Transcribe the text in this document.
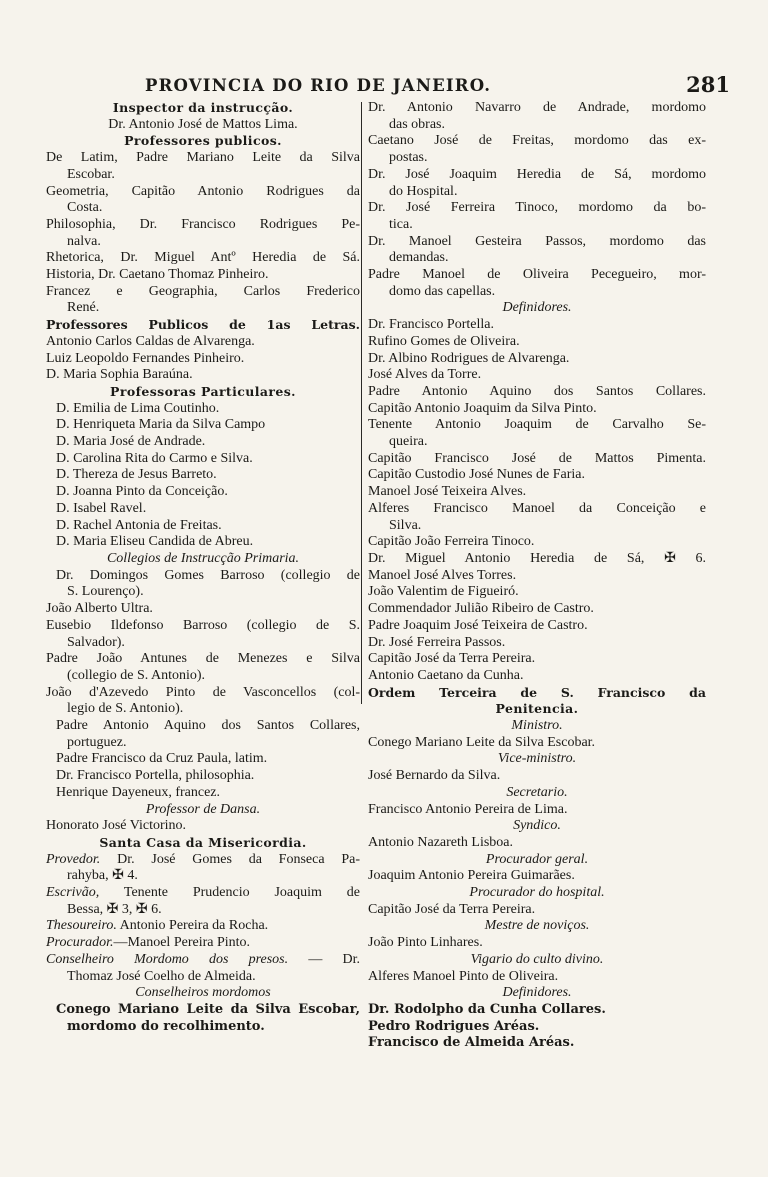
PROVINCIA DO RIO DE JANEIRO.	281

Inspector da instrucção.

Dr. Antonio José de Mattos Lima.

Professores publicos.

De Latim, Padre Mariano Leite da Silva

Escobar.

Geometria, Capitão Antonio Rodrigues da

Costa.

Philosophia, Dr. Francisco Rodrigues Pe-

nalva.

Rhetorica, Dr. Miguel Antº Heredia de Sá.

Historia, Dr. Caetano Thomaz Pinheiro.

Francez e Geographia, Carlos Frederico

René.

Professores Publicos de 1as Letras.

Antonio Carlos Caldas de Alvarenga.

Luiz Leopoldo Fernandes Pinheiro.

D. Maria Sophia Baraúna.

Professoras Particulares.

D. Emilia de Lima Coutinho.

D. Henriqueta Maria da Silva Campo

D. Maria José de Andrade.

D. Carolina Rita do Carmo e Silva.

D. Thereza de Jesus Barreto.

D. Joanna Pinto da Conceição.

D. Isabel Ravel.

D. Rachel Antonia de Freitas.

D. Maria Eliseu Candida de Abreu.

Collegios de Instrucção Primaria.

Dr. Domingos Gomes Barroso (collegio de

S. Lourenço).

João Alberto Ultra.

Eusebio Ildefonso Barroso (collegio de S.

Salvador).

Padre João Antunes de Menezes e Silva

(collegio de S. Antonio).

João d'Azevedo Pinto de Vasconcellos (col-

legio de S. Antonio).

Padre Antonio Aquino dos Santos Collares,

portuguez.

Padre Francisco da Cruz Paula, latim.

Dr. Francisco Portella, philosophia.

Henrique Dayeneux, francez.

Professor de Dansa.

Honorato José Victorino.

Santa Casa da Misericordia.

Provedor. Dr. José Gomes da Fonseca Pa-

rahyba, ✠ 4.

Escrivão, Tenente Prudencio Joaquim de

Bessa, ✠ 3, ✠ 6.

Thesoureiro. Antonio Pereira da Rocha.

Procurador.—Manoel Pereira Pinto.

Conselheiro Mordomo dos presos. — Dr.

Thomaz José Coelho de Almeida.

Conselheiros mordomos

Conego Mariano Leite da Silva Escobar,

mordomo do recolhimento.

Dr. Antonio Navarro de Andrade, mordomo

das obras.

Caetano José de Freitas, mordomo das ex-

postas.

Dr. José Joaquim Heredia de Sá, mordomo

do Hospital.

Dr. José Ferreira Tinoco, mordomo da bo-

tica.

Dr. Manoel Gesteira Passos, mordomo das

demandas.

Padre Manoel de Oliveira Pecegueiro, mor-

domo das capellas.

Definidores.

Dr. Francisco Portella.

Rufino Gomes de Oliveira.

Dr. Albino Rodrigues de Alvarenga.

José Alves da Torre.

Padre Antonio Aquino dos Santos Collares.

Capitão Antonio Joaquim da Silva Pinto.

Tenente Antonio Joaquim de Carvalho Se-

queira.

Capitão Francisco José de Mattos Pimenta.

Capitão Custodio José Nunes de Faria.

Manoel José Teixeira Alves.

Alferes Francisco Manoel da Conceição e

Silva.

Capitão João Ferreira Tinoco.

Dr. Miguel Antonio Heredia de Sá, ✠ 6.

Manoel José Alves Torres.

João Valentim de Figueiró.

Commendador Julião Ribeiro de Castro.

Padre Joaquim José Teixeira de Castro.

Dr. José Ferreira Passos.

Capitão José da Terra Pereira.

Antonio Caetano da Cunha.

Ordem Terceira de S. Francisco da

Penitencia.

Ministro.

Conego Mariano Leite da Silva Escobar.

Vice-ministro.

José Bernardo da Silva.

Secretario.

Francisco Antonio Pereira de Lima.

Syndico.

Antonio Nazareth Lisboa.

Procurador geral.

Joaquim Antonio Pereira Guimarães.

Procurador do hospital.

Capitão José da Terra Pereira.

Mestre de noviços.

João Pinto Linhares.

Vigario do culto divino.

Alferes Manoel Pinto de Oliveira.

Definidores.

Dr. Rodolpho da Cunha Collares.

Pedro Rodrigues Aréas.

Francisco de Almeida Aréas.
